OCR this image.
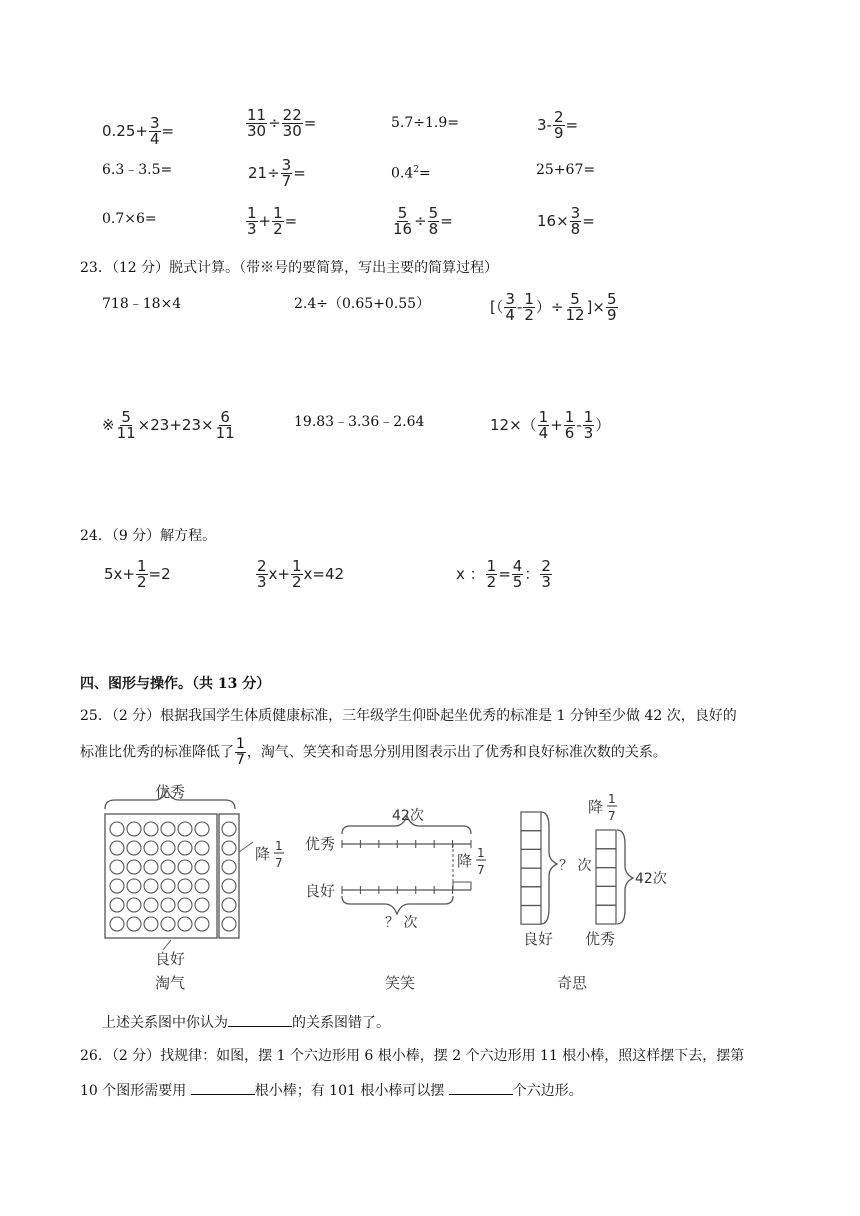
$0.25+ \frac{3}{4}$ =	$\frac{11}{30} \div \frac{22}{30}$ =	5.7÷1.9=	$3- \frac{2}{9}$ =
6.3﹣3.5=	$21\div \frac{3}{7}$ =	$0.4^2=$	25+67=
0.7×6=	$\frac{1}{3} + \frac{1}{2}$ =	$\frac{5}{16} \div \frac{5}{8}$ =	$16\times \frac{3}{8}$ =
23．（12 分）脱式计算。（带※号的要简算，写出主要的简算过程）
718﹣18×4	2.4÷（0.65+0.55）	[（ $\frac{3}{4} - \frac{1}{2}$ ）÷ $\frac{5}{12}$ ]× $\frac{5}{9}$
※ $\frac{5}{11} \times 23+23\times \frac{6}{11}$	19.83﹣3.36﹣2.64	$12\times( \frac{1}{4} + \frac{1}{6} - \frac{1}{3}$ ）
24．（9 分）解方程。
$5x+ \frac{1}{2} =2$	$\frac{2}{3} x+ \frac{1}{2} x=42$	x ： $\frac{1}{2} = \frac{4}{5}$ ： $\frac{2}{3}$
四、图形与操作。（共 13 分）
25．（2 分）根据我国学生体质健康标准，三年级学生仰卧起坐优秀的标准是 1 分钟至少做 42 次，良好的
标准比优秀的标准降低了 $\frac{1}{7}$ ，淘气、笑笑和奇思分别用图表示出了优秀和良好标准次数的关系。
优秀
降 1
7
良好
淘气
42次
优秀
降 1
7
良好
？ 次
笑笑
降 1
7
？ 次
42次
良好 优秀
奇思
上述关系图中你认为	的关系图错了。
26．（2 分）找规律：如图，摆 1 个六边形用 6 根小棒，摆 2 个六边形用 11 根小棒，照这样摆下去，摆第
10 个图形需要用	根小棒；有 101 根小棒可以摆	个六边形。
